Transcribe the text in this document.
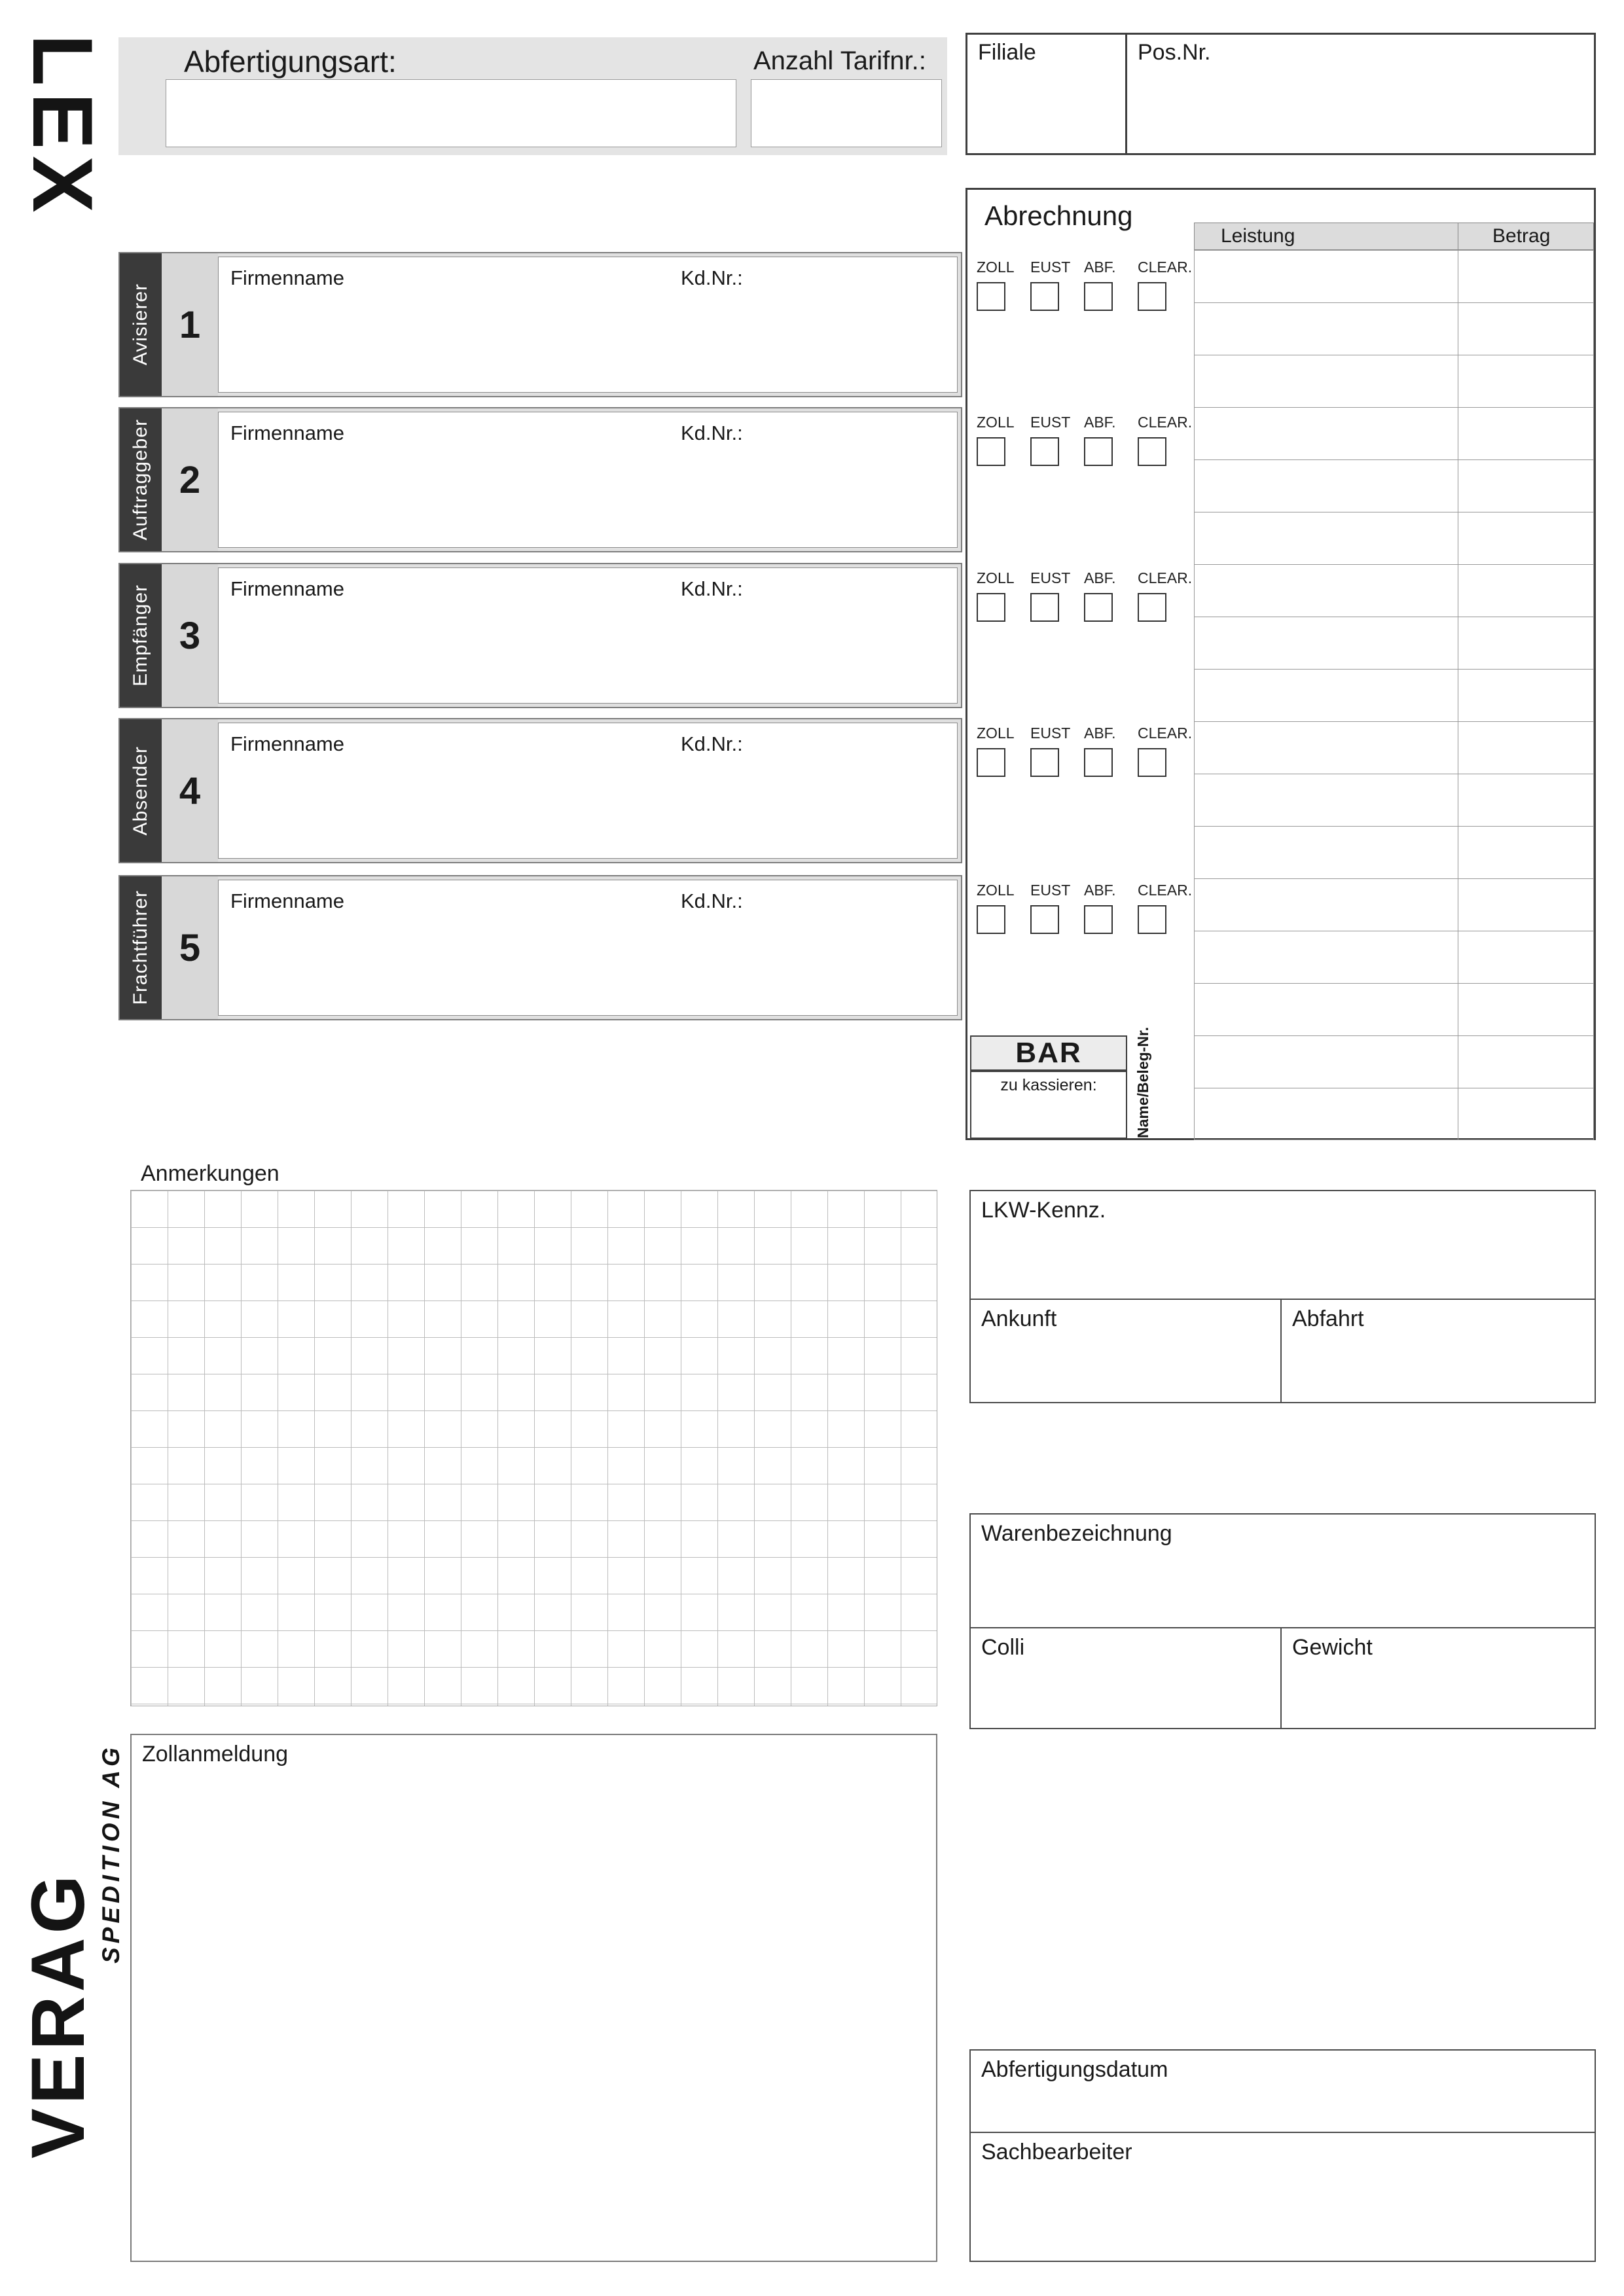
LEX
VERAG
SPEDITION AG
Abfertigungsart:	Anzahl Tarifnr.: Filiale	Pos.Nr.
Abrechnung
Leistung	Betrag
BAR
zu kassieren:	Name/Beleg-Nr.
Avisierer 1
Firmenname	Kd.Nr.:
Auftraggeber 2
Firmenname	Kd.Nr.:
Empfänger 3
Firmenname	Kd.Nr.:
Absender 4
Firmenname	Kd.Nr.:
Frachtführer 5
Firmenname	Kd.Nr.:
ZOLL EUST ABF. CLEAR.
ZOLL EUST ABF. CLEAR.
ZOLL EUST ABF. CLEAR.
ZOLL EUST ABF. CLEAR.
ZOLL EUST ABF. CLEAR.
Anmerkungen
LKW-Kennz.
Ankunft	Abfahrt
Warenbezeichnung
Colli	Gewicht
Zollanmeldung
Abfertigungsdatum
Sachbearbeiter
